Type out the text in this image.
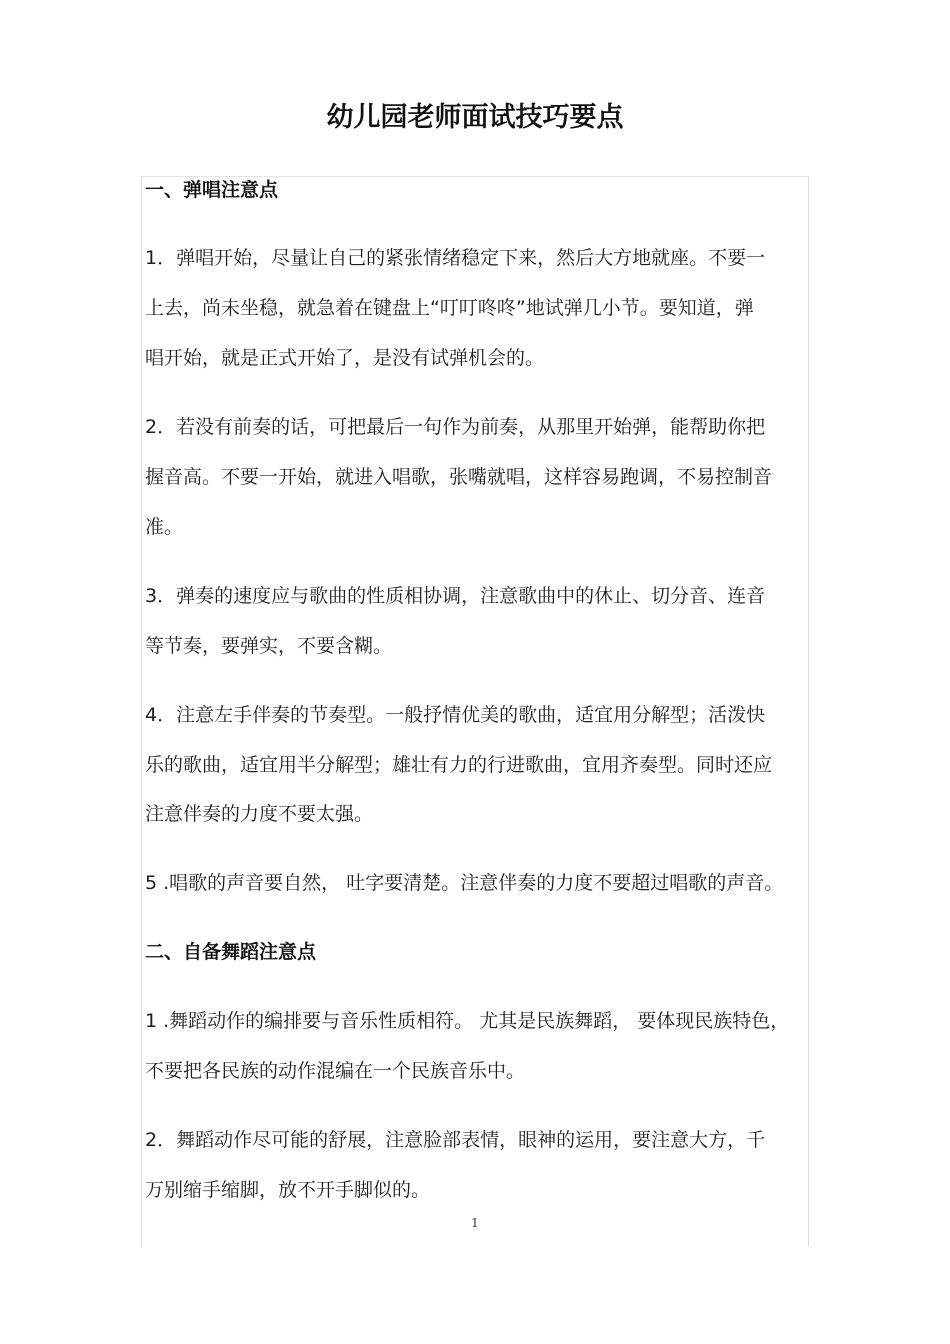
幼儿园老师面试技巧要点
一、弹唱注意点
1．弹唱开始，尽量让自己的紧张情绪稳定下来，然后大方地就座。不要一
上去，尚未坐稳，就急着在键盘上“叮叮咚咚”地试弹几小节。要知道，弹
唱开始，就是正式开始了，是没有试弹机会的。
2．若没有前奏的话，可把最后一句作为前奏，从那里开始弹，能帮助你把
握音高。不要一开始，就进入唱歌，张嘴就唱，这样容易跑调，不易控制音
准。
3．弹奏的速度应与歌曲的性质相协调，注意歌曲中的休止、切分音、连音
等节奏，要弹实，不要含糊。
4．注意左手伴奏的节奏型。一般抒情优美的歌曲，适宜用分解型；活泼快
乐的歌曲，适宜用半分解型；雄壮有力的行进歌曲，宜用齐奏型。同时还应
注意伴奏的力度不要太强。
5 .唱歌的声音要自然， 吐字要清楚。注意伴奏的力度不要超过唱歌的声音。
二、自备舞蹈注意点
1 .舞蹈动作的编排要与音乐性质相符。 尤其是民族舞蹈， 要体现民族特色，
不要把各民族的动作混编在一个民族音乐中。
2．舞蹈动作尽可能的舒展，注意脸部表情，眼神的运用，要注意大方，千
万别缩手缩脚，放不开手脚似的。
1
